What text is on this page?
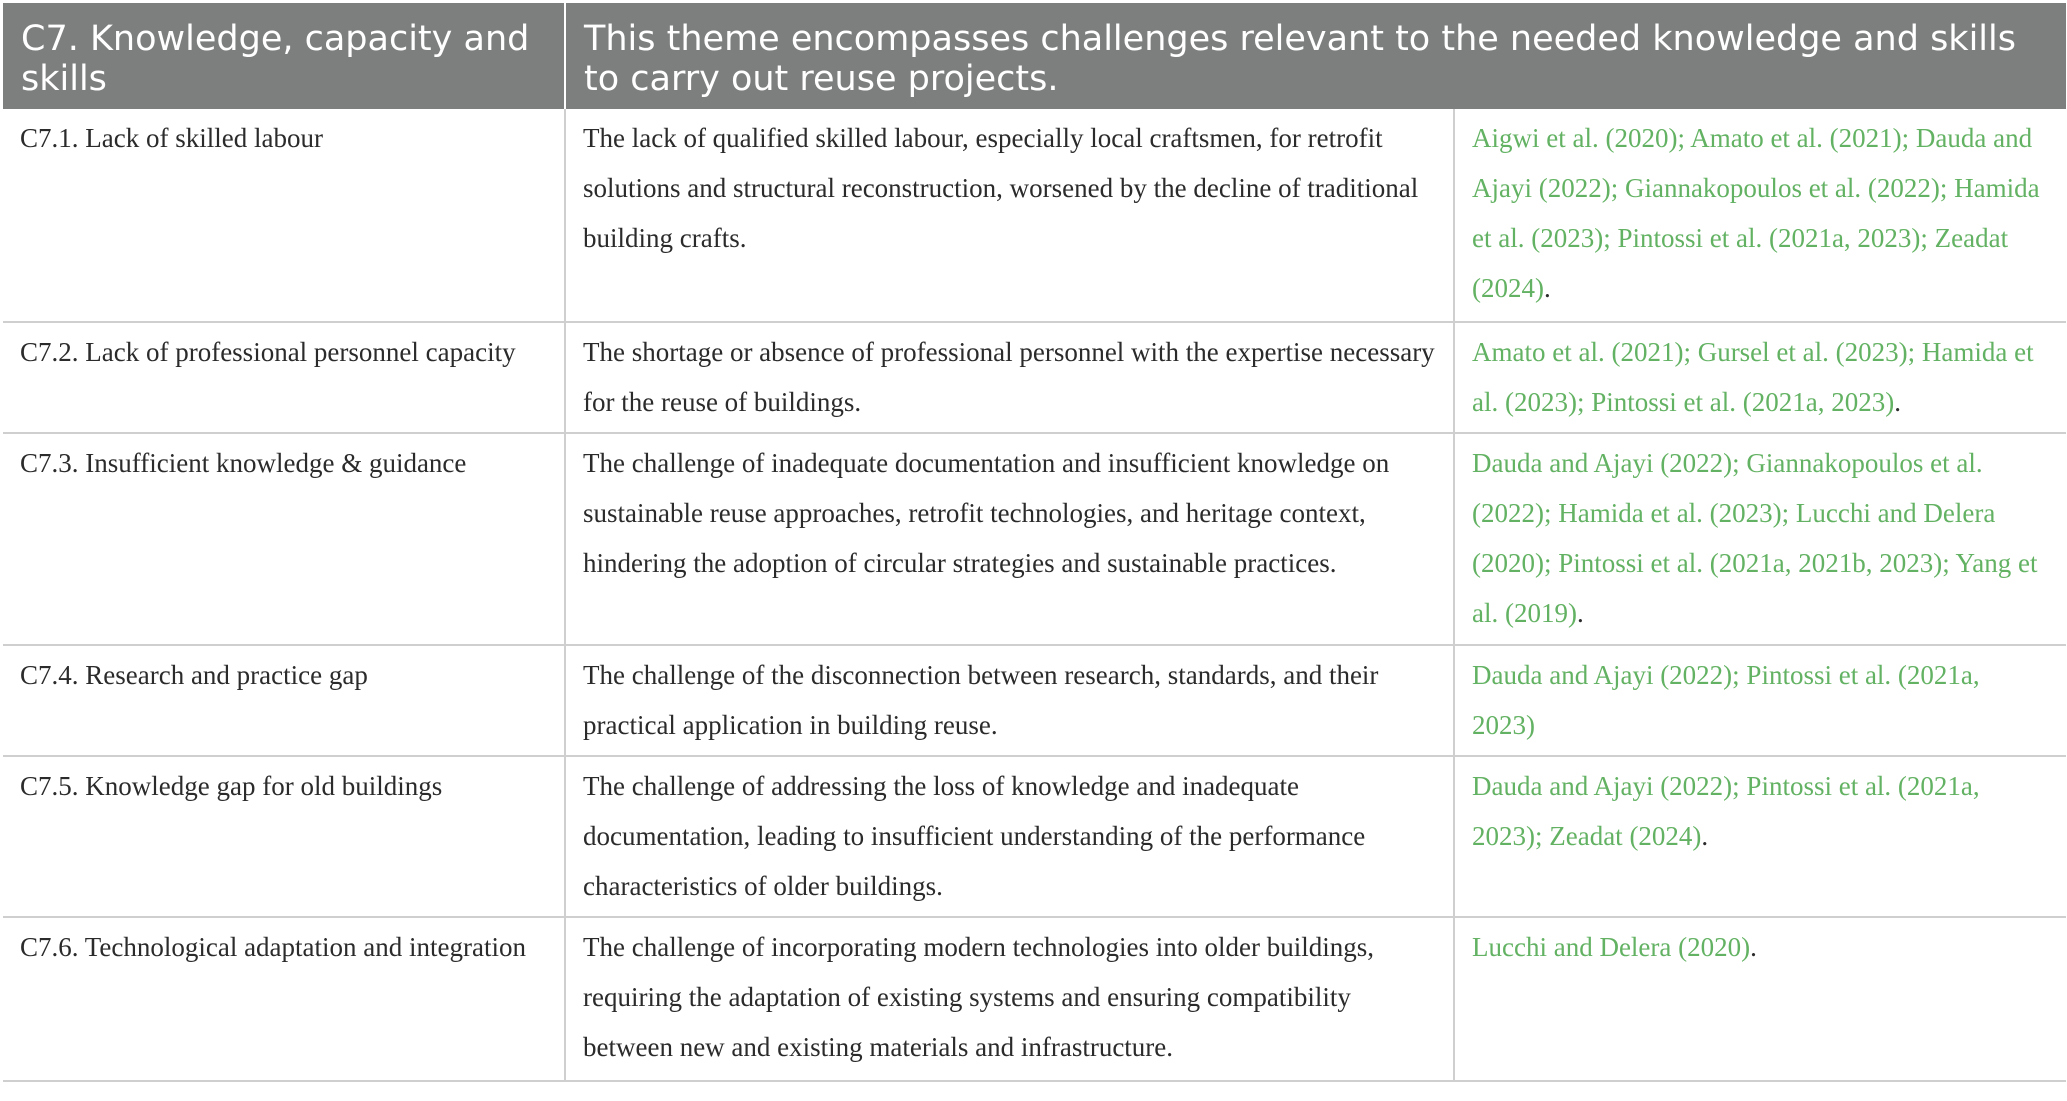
C7. Knowledge, capacity and skills	This theme encompasses challenges relevant to the needed knowledge and skills to carry out reuse projects.	
C7.1. Lack of skilled labour	The lack of qualified skilled labour, especially local craftsmen, for retrofit solutions and structural reconstruction, worsened by the decline of traditional building crafts.	Aigwi et al. (2020); Amato et al. (2021); Dauda and Ajayi (2022); Giannakopoulos et al. (2022); Hamida et al. (2023); Pintossi et al. (2021a, 2023); Zeadat (2024).
C7.2. Lack of professional personnel capacity	The shortage or absence of professional personnel with the expertise necessary for the reuse of buildings.	Amato et al. (2021); Gursel et al. (2023); Hamida et al. (2023); Pintossi et al. (2021a, 2023).
C7.3. Insufficient knowledge & guidance	The challenge of inadequate documentation and insufficient knowledge on sustainable reuse approaches, retrofit technologies, and heritage context, hindering the adoption of circular strategies and sustainable practices.	Dauda and Ajayi (2022); Giannakopoulos et al. (2022); Hamida et al. (2023); Lucchi and Delera (2020); Pintossi et al. (2021a, 2021b, 2023); Yang et al. (2019).
C7.4. Research and practice gap	The challenge of the disconnection between research, standards, and their practical application in building reuse.	Dauda and Ajayi (2022); Pintossi et al. (2021a, 2023)
C7.5. Knowledge gap for old buildings	The challenge of addressing the loss of knowledge and inadequate documentation, leading to insufficient understanding of the performance characteristics of older buildings.	Dauda and Ajayi (2022); Pintossi et al. (2021a, 2023); Zeadat (2024).
C7.6. Technological adaptation and integration	The challenge of incorporating modern technologies into older buildings, requiring the adaptation of existing systems and ensuring compatibility between new and existing materials and infrastructure.	Lucchi and Delera (2020).
